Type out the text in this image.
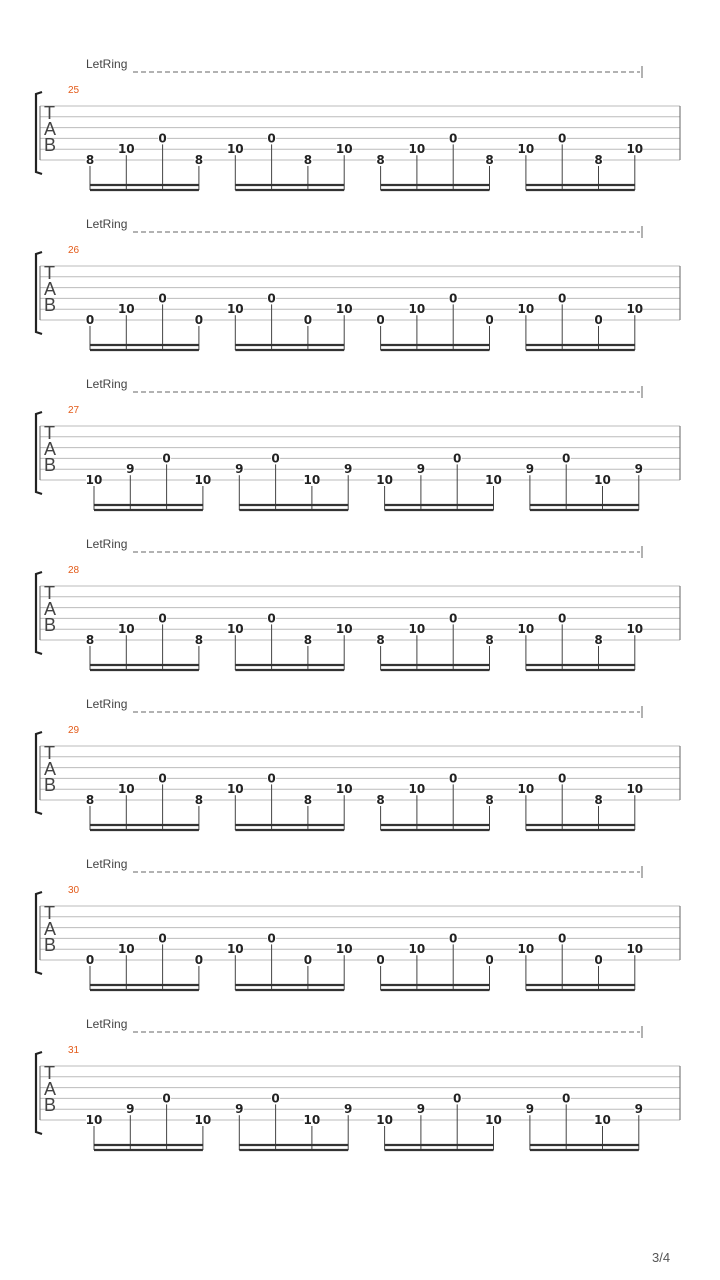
LetRing
25
T
A
B
8
10
0
8
10
0
8
10
8
10
0
8
10
0
8
10
LetRing
26
T
A
B
0
10
0
0
10
0
0
10
0
10
0
0
10
0
0
10
LetRing
27
T
A
B
10
9
0
10
9
0
10
9
10
9
0
10
9
0
10
9
LetRing
28
T
A
B
8
10
0
8
10
0
8
10
8
10
0
8
10
0
8
10
LetRing
29
T
A
B
8
10
0
8
10
0
8
10
8
10
0
8
10
0
8
10
LetRing
30
T
A
B
0
10
0
0
10
0
0
10
0
10
0
0
10
0
0
10
LetRing
31
T
A
B
10
9
0
10
9
0
10
9
10
9
0
10
9
0
10
9
3/4
